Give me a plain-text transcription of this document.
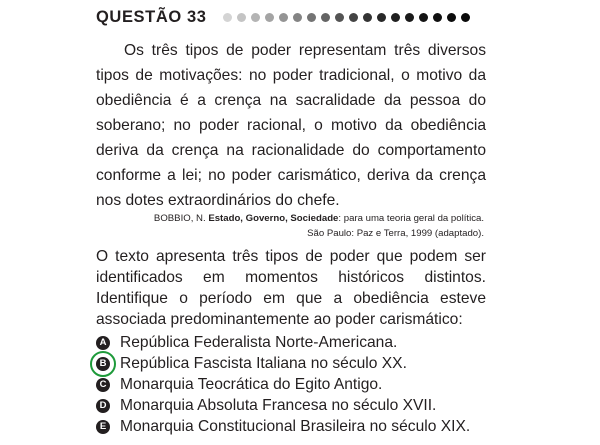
QUESTÃO 33

Os três tipos de poder representam três diversos tipos de motivações: no poder tradicional, o motivo da obediência é a crença na sacralidade da pessoa do soberano; no poder racional, o motivo da obediência deriva da crença na racionalidade do comportamento conforme a lei; no poder carismático, deriva da crença nos dotes extraordinários do chefe.

BOBBIO, N. Estado, Governo, Sociedade: para uma teoria geral da política.
São Paulo: Paz e Terra, 1999 (adaptado).

O texto apresenta três tipos de poder que podem ser identificados em momentos históricos distintos. Identifique o período em que a obediência esteve associada predominantemente ao poder carismático:

A República Federalista Norte-Americana.
B República Fascista Italiana no século XX.
C Monarquia Teocrática do Egito Antigo.
D Monarquia Absoluta Francesa no século XVII.
E Monarquia Constitucional Brasileira no século XIX.
